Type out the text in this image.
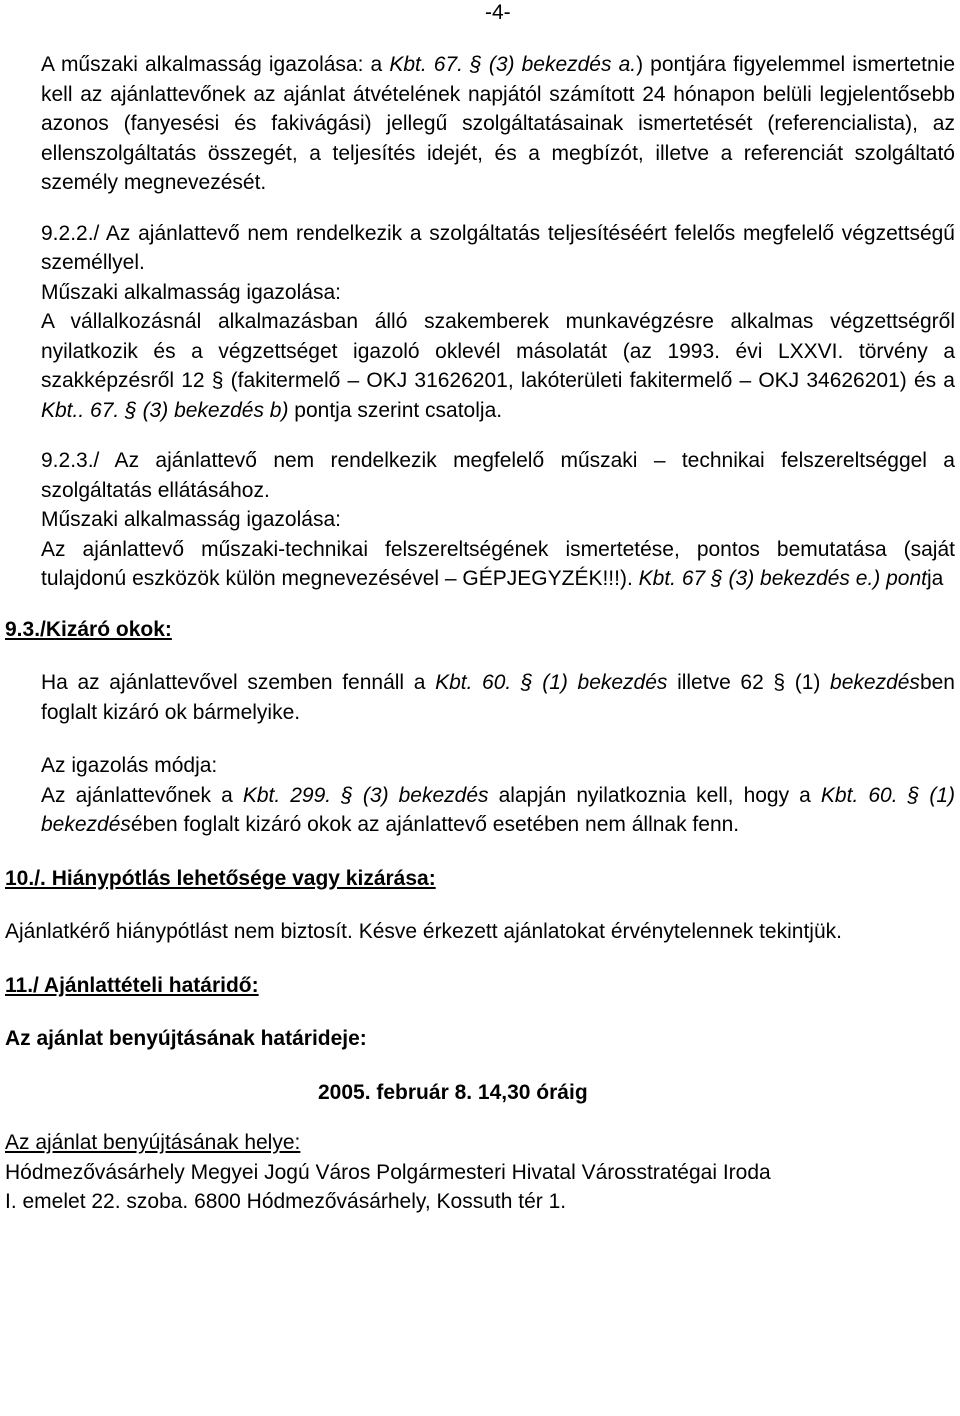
-4-

A műszaki alkalmasság igazolása: a Kbt. 67. § (3) bekezdés a.) pontjára figyelemmel ismertetnie kell az ajánlattevőnek az ajánlat átvételének napjától számított 24 hónapon belüli legjelentősebb azonos (fanyesési és fakivágási) jellegű szolgáltatásainak ismertetését (referencialista), az ellenszolgáltatás összegét, a teljesítés idejét, és a megbízót, illetve a referenciát szolgáltató személy megnevezését.

9.2.2./ Az ajánlattevő nem rendelkezik a szolgáltatás teljesítéséért felelős megfelelő végzettségű személlyel.

Műszaki alkalmasság igazolása:

A vállalkozásnál alkalmazásban álló szakemberek munkavégzésre alkalmas végzettségről nyilatkozik és a végzettséget igazoló oklevél másolatát (az 1993. évi LXXVI. törvény a szakképzésről 12 § (fakitermelő – OKJ 31626201, lakóterületi fakitermelő – OKJ 34626201) és a Kbt.. 67. § (3) bekezdés b) pontja szerint csatolja.

9.2.3./ Az ajánlattevő nem rendelkezik megfelelő műszaki – technikai felszereltséggel a szolgáltatás ellátásához.

Műszaki alkalmasság igazolása:

Az ajánlattevő műszaki-technikai felszereltségének ismertetése, pontos bemutatása (saját tulajdonú eszközök külön megnevezésével – GÉPJEGYZÉK!!!). Kbt. 67 § (3) bekezdés e.) pontja

9.3./Kizáró okok:

Ha az ajánlattevővel szemben fennáll a Kbt. 60. § (1) bekezdés illetve 62 § (1) bekezdésben foglalt kizáró ok bármelyike.

Az igazolás módja:

Az ajánlattevőnek a Kbt. 299. § (3) bekezdés alapján nyilatkoznia kell, hogy a Kbt. 60. § (1) bekezdésében foglalt kizáró okok az ajánlattevő esetében nem állnak fenn.

10./. Hiánypótlás lehetősége vagy kizárása:

Ajánlatkérő hiánypótlást nem biztosít. Késve érkezett ajánlatokat érvénytelennek tekintjük.

11./ Ajánlattételi határidő:

Az ajánlat benyújtásának határideje:

2005. február 8. 14,30 óráig

Az ajánlat benyújtásának helye:

Hódmezővásárhely Megyei Jogú Város Polgármesteri Hivatal Városstratégai Iroda

I. emelet 22. szoba. 6800 Hódmezővásárhely, Kossuth tér 1.
